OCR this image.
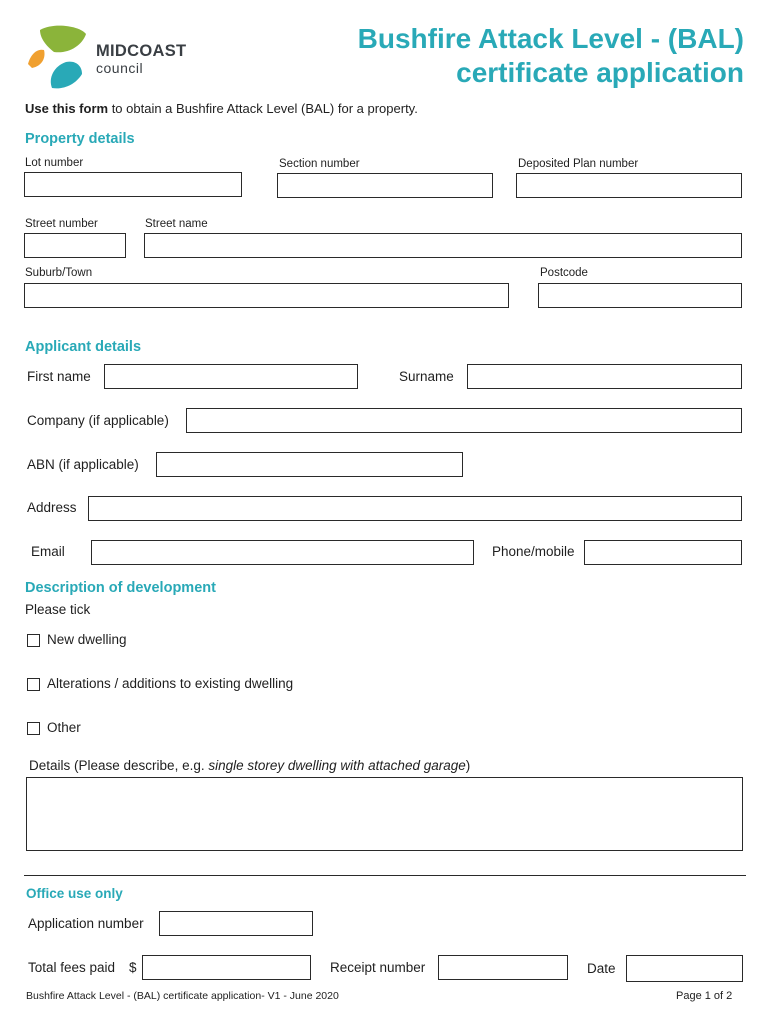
MIDCOAST
council
Bushfire Attack Level - (BAL)
certificate application
Use this form to obtain a Bushfire Attack Level (BAL) for a property.
Property details
Lot number	Section number	Deposited Plan number
Street number	Street name
Suburb/Town	Postcode
Applicant details
First name	Surname
Company (if applicable)
ABN (if applicable)
Address
Email	Phone/mobile
Description of development
Please tick
New dwelling
Alterations / additions to existing dwelling
Other
Details (Please describe, e.g. single storey dwelling with attached garage)
Office use only
Application number
Total fees paid $	Receipt number	Date
Bushfire Attack Level - (BAL) certificate application- V1 - June 2020	Page 1 of 2
